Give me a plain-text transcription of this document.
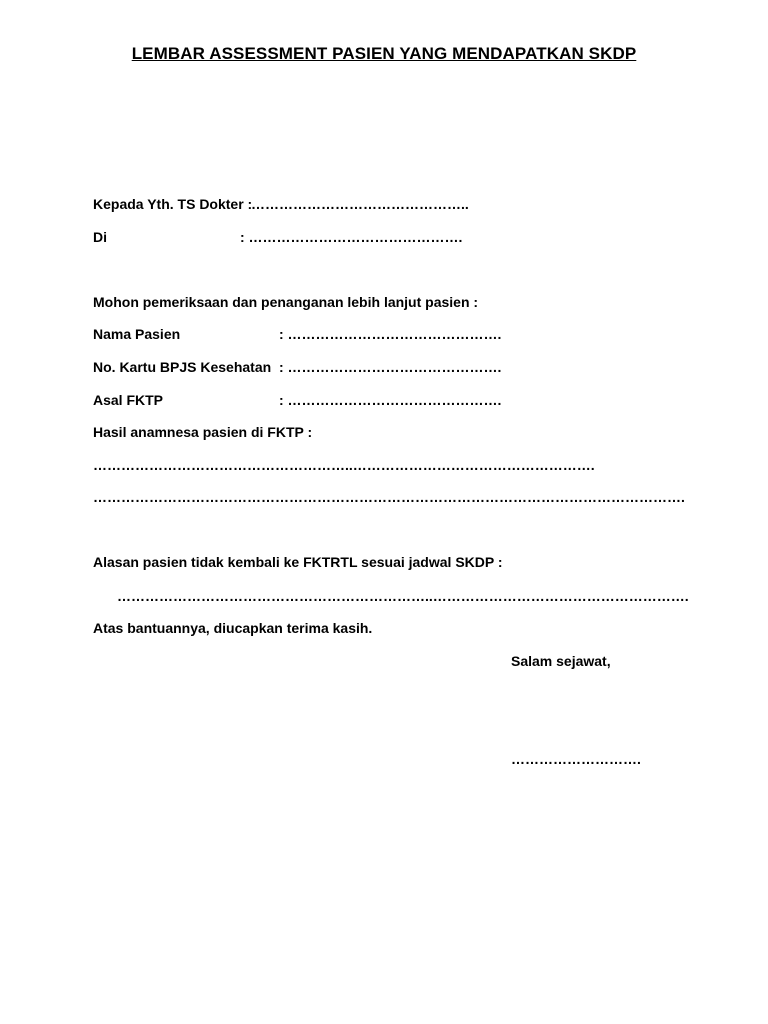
LEMBAR ASSESSMENT PASIEN YANG MENDAPATKAN SKDP
Kepada Yth. TS Dokter :
………………………………………..
Di	: ……………………………………….
Mohon pemeriksaan dan penanganan lebih lanjut pasien :
Nama Pasien	: ……………………………………….
No. Kartu BPJS Kesehatan : ……………………………………….
Asal FKTP	: ……………………………………….
Hasil anamnesa pasien di FKTP :
………………………………………………..…………………………………………….
……………………………………………………………………………………………………………….
Alasan pasien tidak kembali ke FKTRTL sesuai jadwal SKDP :
…………………………………………………………..……………………………………………….
Atas bantuannya, diucapkan terima kasih.
Salam sejawat,
……………………….
